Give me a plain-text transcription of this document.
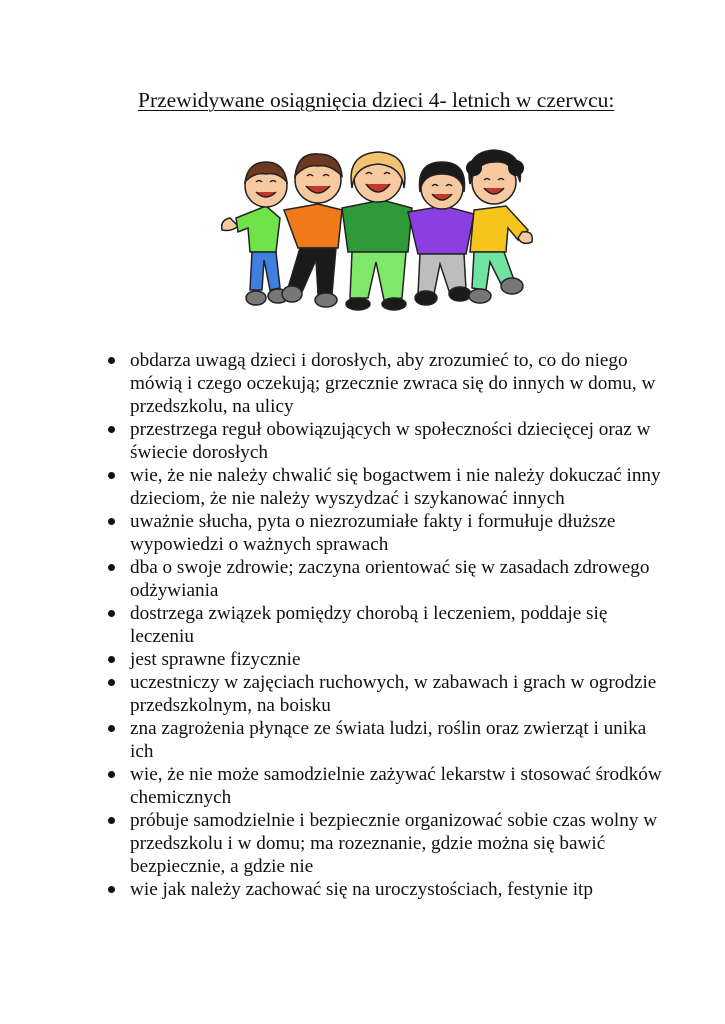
Przewidywane osiągnięcia dzieci 4- letnich w czerwcu:
obdarza uwagą dzieci i dorosłych, aby zrozumieć to, co do niego mówią i czego oczekują; grzecznie zwraca się do innych w domu, w przedszkolu, na ulicy
przestrzega reguł obowiązujących w społeczności dziecięcej oraz w świecie dorosłych
wie, że nie należy chwalić się bogactwem i nie należy dokuczać inny dzieciom, że nie należy wyszydzać i szykanować innych
uważnie słucha, pyta o niezrozumiałe fakty i formułuje dłuższe wypowiedzi o ważnych sprawach
dba o swoje zdrowie; zaczyna orientować się w zasadach zdrowego odżywiania
dostrzega związek pomiędzy chorobą i leczeniem, poddaje się leczeniu
jest sprawne fizycznie
uczestniczy w zajęciach ruchowych, w zabawach i grach w ogrodzie przedszkolnym, na boisku
zna zagrożenia płynące ze świata ludzi, roślin oraz zwierząt i unika ich
wie, że nie może samodzielnie zażywać lekarstw i stosować środków chemicznych
próbuje samodzielnie i bezpiecznie organizować sobie czas wolny w przedszkolu i w domu; ma rozeznanie, gdzie można się bawić bezpiecznie, a gdzie nie
wie jak należy zachować się na uroczystościach, festynie itp
